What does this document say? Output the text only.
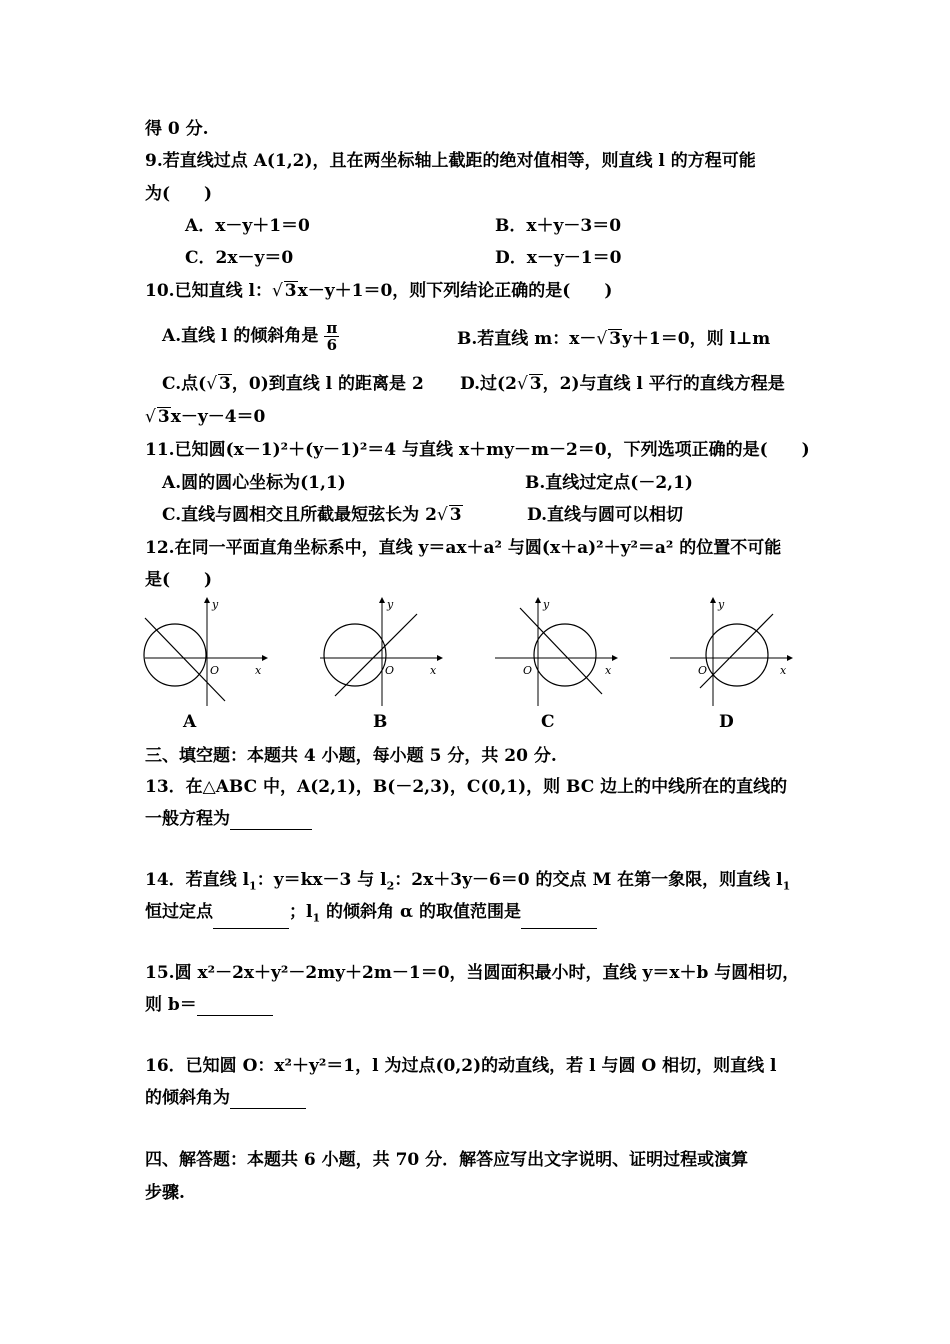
得 0 分.
9.若直线过点 A(1,2)，且在两坐标轴上截距的绝对值相等，则直线 l 的方程可能
为(　　)
A．x－y＋1＝0	B．x＋y－3＝0
C．2x－y＝0	D．x－y－1＝0
10.已知直线 l：√ 3x－y＋1＝0，则下列结论正确的是(　　)
A.直线 l 的倾斜角是 $\frac{\pi}{6}$	B.若直线 m：x－√ 3y＋1＝0，则 l⊥m
C.点(√ 3，0)到直线 l 的距离是 2 D.过(2√ 3，2)与直线 l 平行的直线方程是
√ 3x－y－4＝0
11.已知圆(x－1)²＋(y－1)²＝4 与直线 x＋my－m－2＝0，下列选项正确的是(　　)
A.圆的圆心坐标为(1,1)	B.直线过定点(－2,1)
C.直线与圆相交且所截最短弦长为 2√ 3	D.直线与圆可以相切
12.在同一平面直角坐标系中，直线 y＝ax＋a² 与圆(x＋a)²＋y²＝a² 的位置不可能
是(　　)
y
x
O
y
x
O
y
x
O
y
x
O
A	B	C	D
三、填空题：本题共 4 小题，每小题 5 分，共 20 分.
13．在△ABC 中，A(2,1)，B(－2,3)，C(0,1)，则 BC 边上的中线所在的直线的
一般方程为
14．若直线 $l_1$：y＝kx－3 与 $l_2$：2x＋3y－6＝0 的交点 M 在第一象限，则直线 $l_1$
恒过定点	；$l_1$ 的倾斜角 α 的取值范围是
15.圆 x²－2x＋y²－2my＋2m－1＝0，当圆面积最小时，直线 y＝x＋b 与圆相切，
则 b＝
16．已知圆 O：x²＋y²＝1，l 为过点(0,2)的动直线，若 l 与圆 O 相切，则直线 l
的倾斜角为
四、解答题：本题共 6 小题，共 70 分．解答应写出文字说明、证明过程或演算
步骤.
